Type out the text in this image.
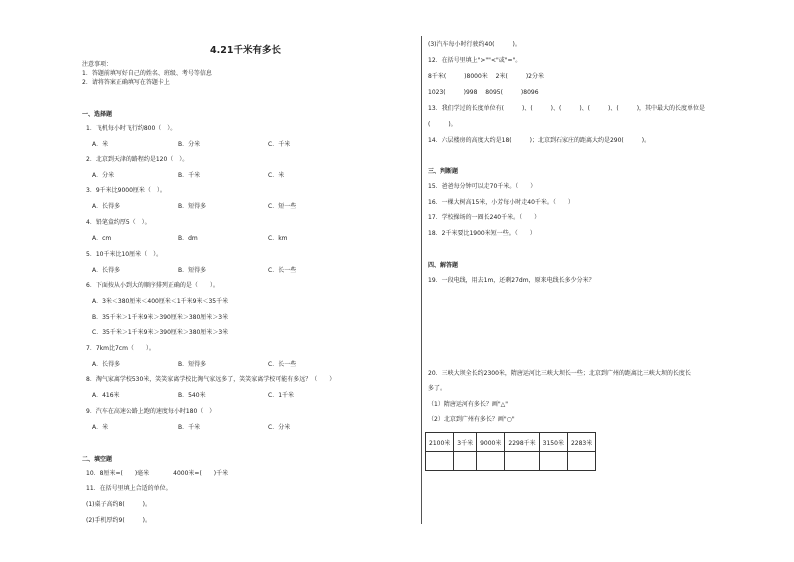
4.21千米有多长
注意事项：
1．答题前填写好自己的姓名、班级、考号等信息
2．请将答案正确填写在答题卡上
一、选择题
1．飞机每小时飞行约800（　）。
A．米	B．分米	C．千米
2．北京到天津的路程约是120（　）。
A．分米	B．千米	C．米
3．9千米比9000厘米（　）。
A．长得多	B．短得多	C．短一些
4．铅笔盒约厚5（　）。
A．cm	B．dm	C．km
5．10千米比10厘米（　）。
A．长得多	B．短得多	C．长一些
6．下面按从小到大的顺序排列正确的是（　　）。
A．3米＜380厘米＜400厘米＜1千米9米＜35千米
B．35千米＞1千米9米＞390厘米＞380厘米＞3米
C．35千米＞1千米9米＞390厘米＞380厘米＞3米
7．7km比7cm（　　）。
A．长得多	B．短得多	C．长一些
8．淘气家离学校530米，笑笑家离学校比淘气家远多了，笑笑家离学校可能有多远？（　　）
A．416米	B．540米	C．1千米
9．汽车在高速公路上跑的速度每小时180（　）
A．米	B．千米	C．分米
二、填空题
10．8厘米=(　　)毫米　　　　4000米=(　　)千米
11．在括号里填上合适的单位。
(1)桌子高约8(　　　)。
(2)手机厚约9(　　　)。
(3)汽车每小时行驶约40(　　　)。
12．在括号里填上">""<"或"="。
8千米(　　　)8000米　 2米(　　　)2分米
1023(　　　)998　 8095(　　　)8096
13．我们学过的长度单位有(　　　)、(　　　)、(　　　)、(　　　)、(　　　)，其中最大的长度单位是
(　　　)。
14．六层楼房的高度大约是18(　　　)；北京到石家庄的距离大约是290(　　　)。
三、判断题
15．爸爸每分钟可以走70千米。（　　）
16．一棵大树高15米，小芳每小时走40千米。（　　）
17．学校操场的一圈长240千米。（　　）
18．2千米要比1900米短一些。（　　）
四、解答题
19．一段电线，用去1m，还剩27dm，原来电线长多少分米？
20．三峡大坝全长约2300米，隋唐运河比三峡大坝长一些；北京到广州的距离比三峡大坝的长度长
多了。
（1）隋唐运河有多长？画"△"
（2）北京到广州有多长？画"○"
2100米	3千米	9000米	2298千米	3150米	2283米
